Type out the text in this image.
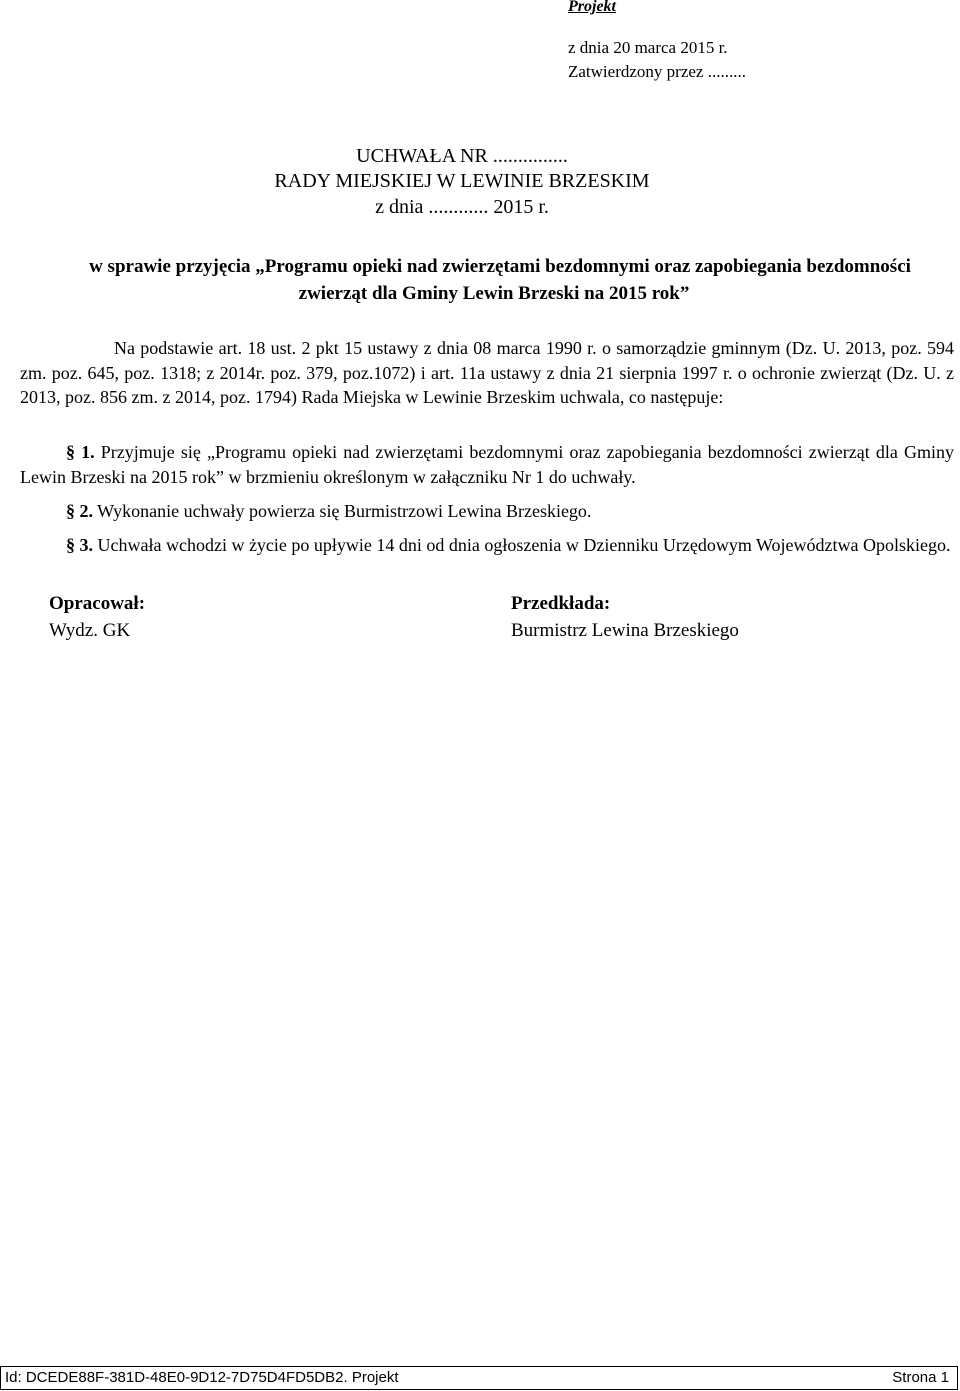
Projekt
z dnia 20 marca 2015 r.
Zatwierdzony przez .........
UCHWAŁA NR ...............
RADY MIEJSKIEJ W LEWINIE BRZESKIM
z dnia ............ 2015 r.
w sprawie przyjęcia „Programu opieki nad zwierzętami bezdomnymi oraz zapobiegania bezdomności
zwierząt dla Gminy Lewin Brzeski na 2015 rok”

Na podstawie art. 18 ust. 2 pkt 15 ustawy z dnia 08 marca 1990 r. o samorządzie gminnym (Dz. U. 2013, poz. 594 zm. poz. 645, poz. 1318; z 2014r. poz. 379, poz.1072) i art. 11a ustawy z dnia 21 sierpnia 1997 r. o ochronie zwierząt (Dz. U. z 2013, poz. 856 zm. z 2014, poz. 1794) Rada Miejska w Lewinie Brzeskim uchwala, co następuje:

§ 1. Przyjmuje się „Programu opieki nad zwierzętami bezdomnymi oraz zapobiegania bezdomności zwierząt dla Gminy Lewin Brzeski na 2015 rok” w brzmieniu określonym w załączniku Nr 1 do uchwały.

§ 2. Wykonanie uchwały powierza się Burmistrzowi Lewina Brzeskiego.

§ 3. Uchwała wchodzi w życie po upływie 14 dni od dnia ogłoszenia w Dzienniku Urzędowym Województwa Opolskiego.

Opracował:
Wydz. GK
Przedkłada:
Burmistrz Lewina Brzeskiego
Id: DCEDE88F-381D-48E0-9D12-7D75D4FD5DB2. Projekt	Strona 1
